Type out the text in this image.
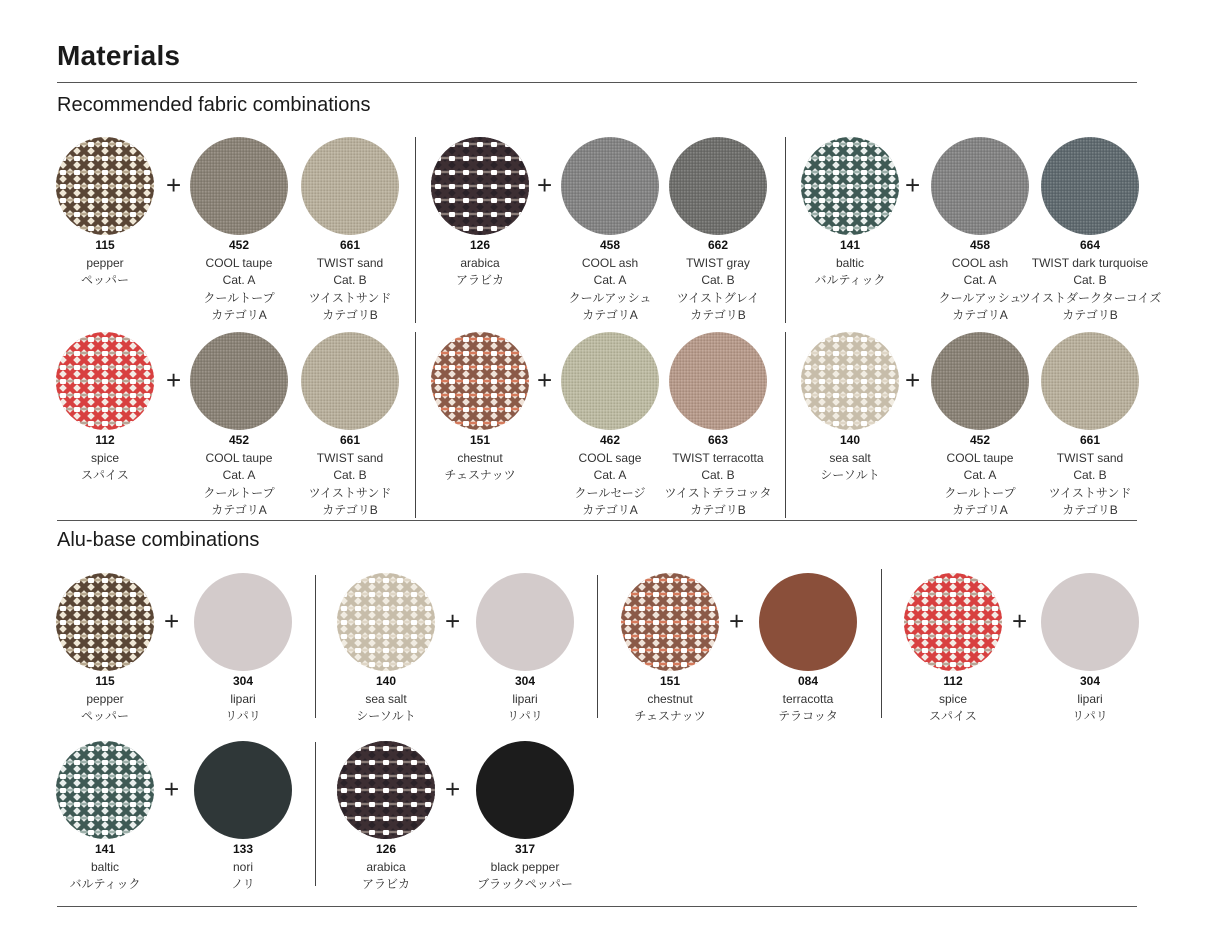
Materials
Recommended fabric combinations
Alu-base combinations
115
pepper
ペッパー
452
COOL taupe
Cat. A
クールトープ
カテゴリA
661
TWIST sand
Cat. B
ツイストサンド
カテゴリB
+
126
arabica
アラビカ
458
COOL ash
Cat. A
クールアッシュ
カテゴリA
662
TWIST gray
Cat. B
ツイストグレイ
カテゴリB
+
141
baltic
バルティック
458
COOL ash
Cat. A
クールアッシュ
カテゴリA
664
TWIST dark turquoise
Cat. B
ツイストダークターコイズ
カテゴリB
+
112
spice
スパイス
452
COOL taupe
Cat. A
クールトープ
カテゴリA
661
TWIST sand
Cat. B
ツイストサンド
カテゴリB
+
151
chestnut
チェスナッツ
462
COOL sage
Cat. A
クールセージ
カテゴリA
663
TWIST terracotta
Cat. B
ツイストテラコッタ
カテゴリB
+
140
sea salt
シーソルト
452
COOL taupe
Cat. A
クールトープ
カテゴリA
661
TWIST sand
Cat. B
ツイストサンド
カテゴリB
+
115
pepper
ペッパー
304
lipari
リパリ
+
140
sea salt
シーソルト
304
lipari
リパリ
+
151
chestnut
チェスナッツ
084
terracotta
テラコッタ
+
112
spice
スパイス
304
lipari
リパリ
+
141
baltic
バルティック
133
nori
ノリ
+
126
arabica
アラビカ
317
black pepper
ブラックペッパー
+
